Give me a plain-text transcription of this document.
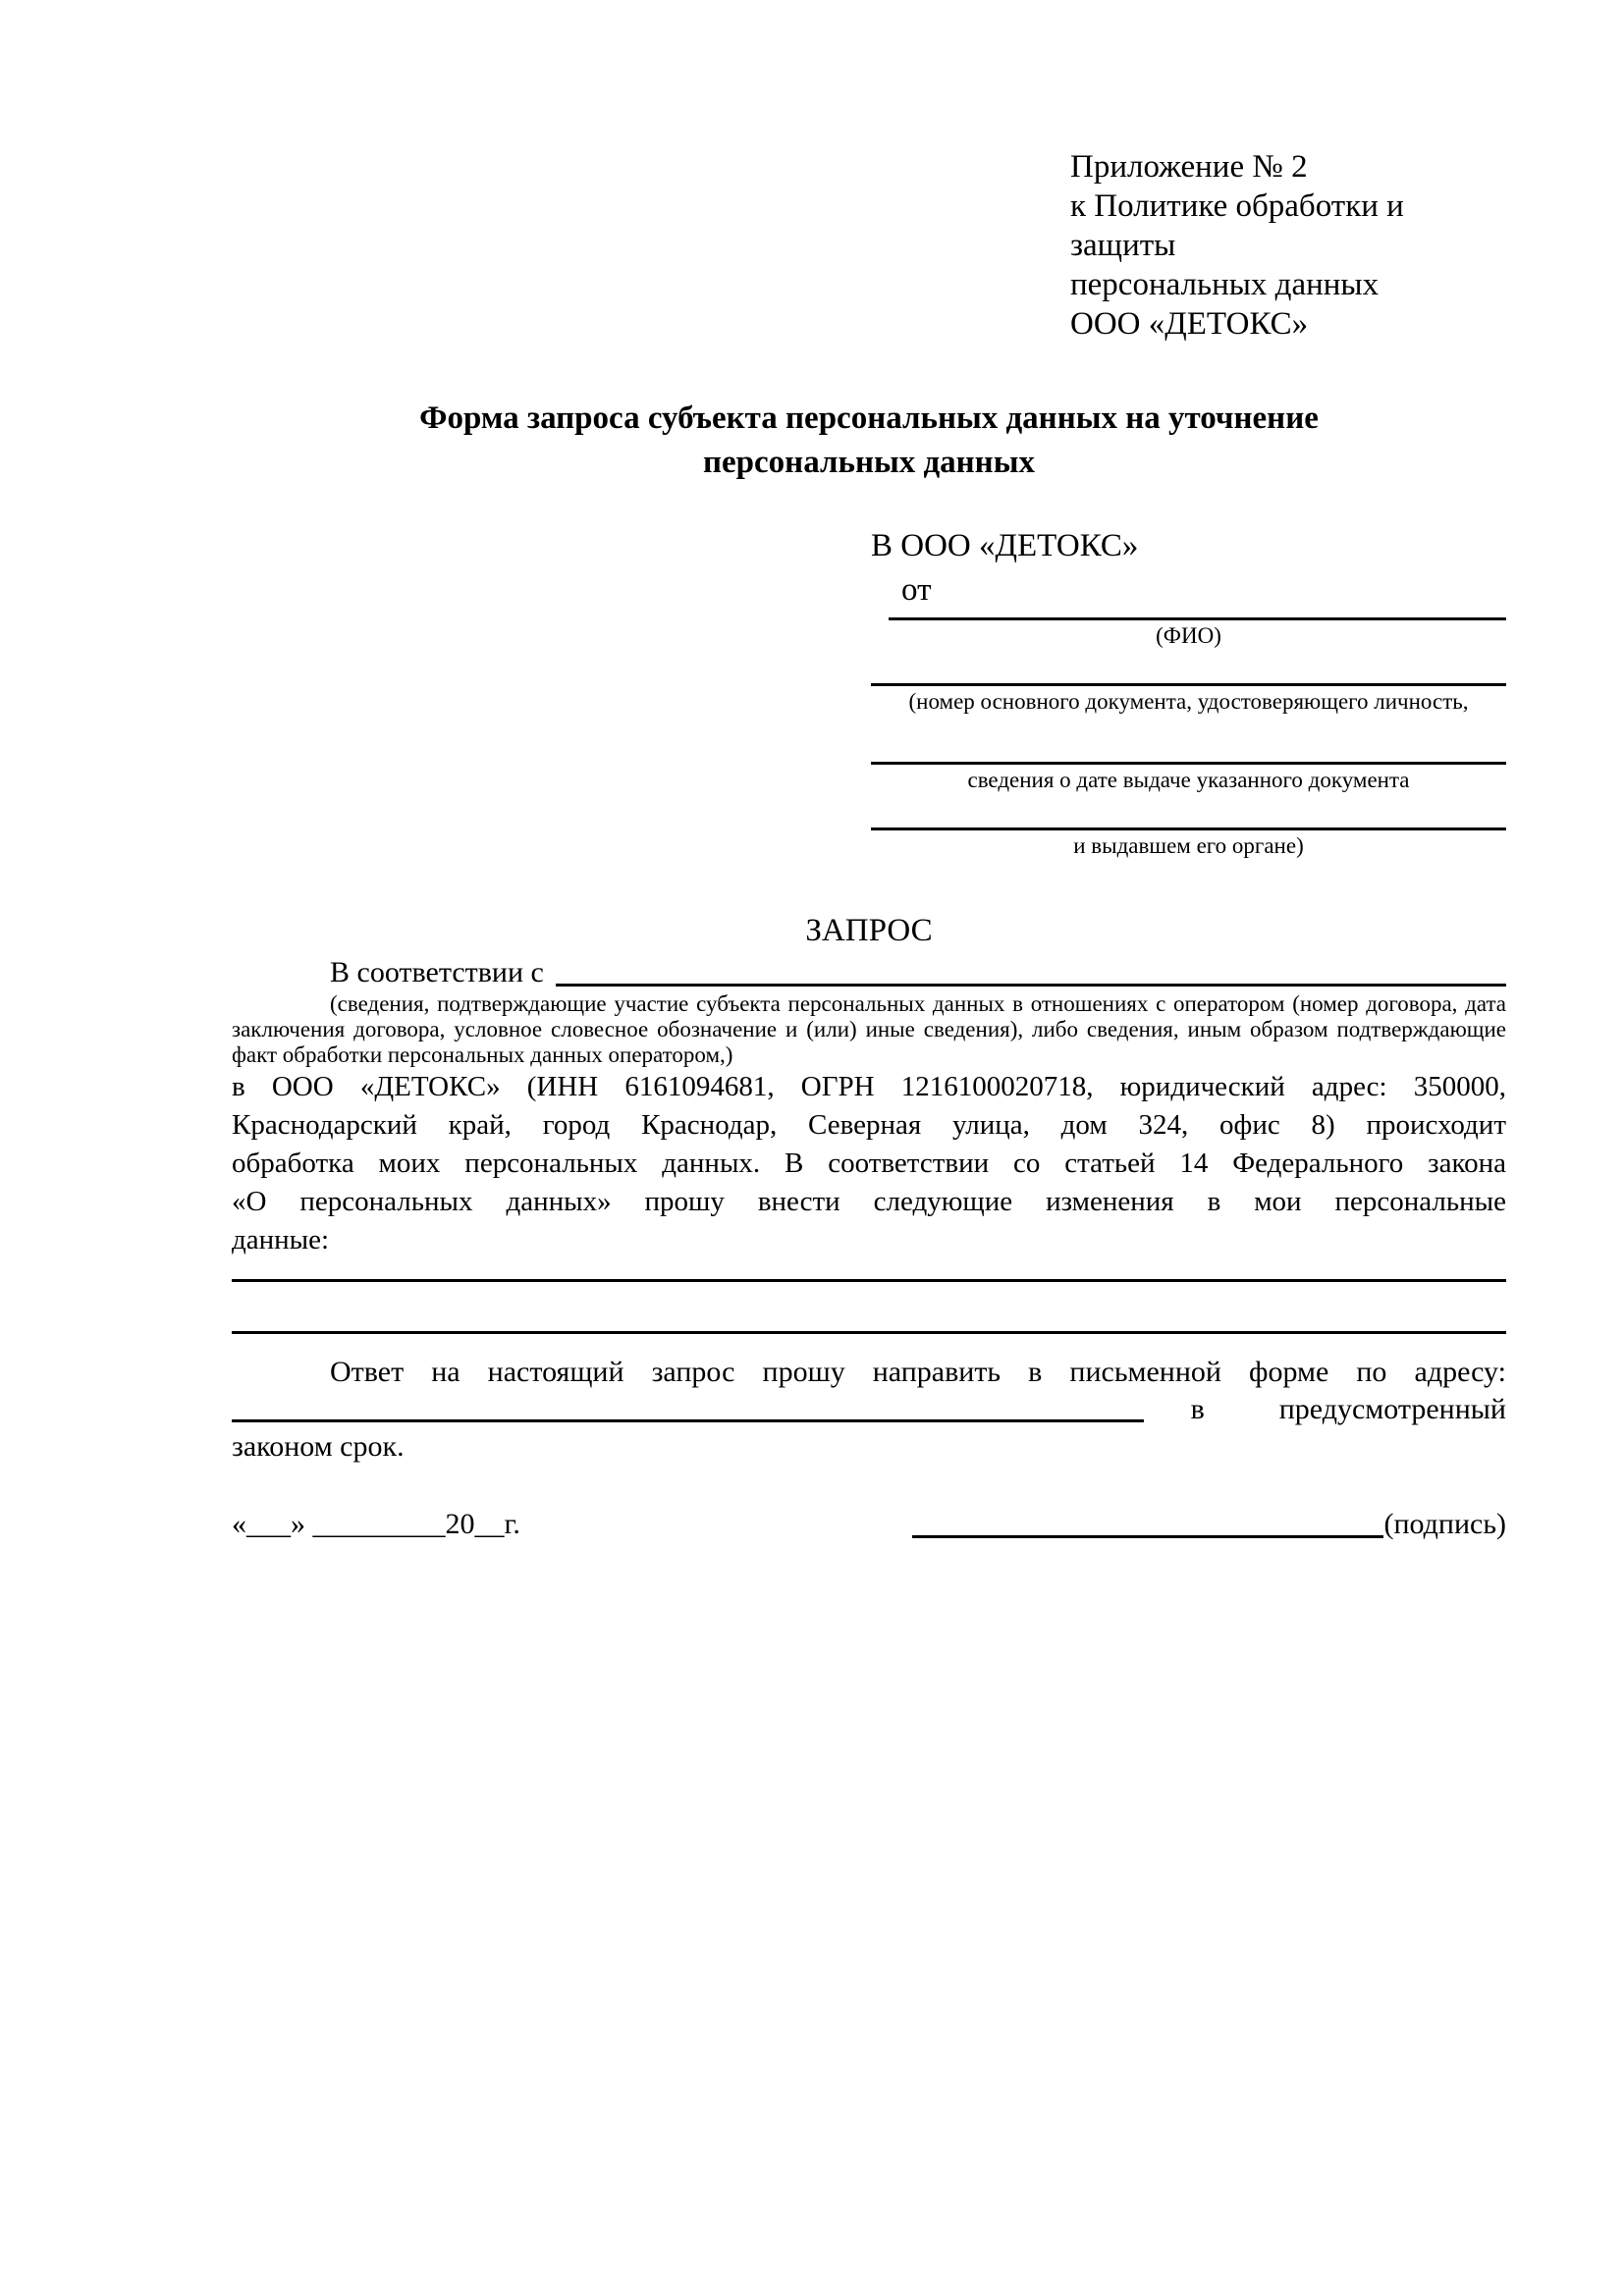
Приложение № 2
к Политике обработки и защиты
персональных данных
ООО «ДЕТОКС»
Форма запроса субъекта персональных данных на уточнение
персональных данных
В ООО «ДЕТОКС»
от
(ФИО)
(номер основного документа, удостоверяющего личность,
сведения о дате выдаче указанного документа
и выдавшем его органе)
ЗАПРОС
В соответствии с
(сведения, подтверждающие участие субъекта персональных данных в отношениях с оператором (номер договора, дата заключения договора, условное словесное обозначение и (или) иные сведения), либо сведения, иным образом подтверждающие факт обработки персональных данных оператором,)
в ООО «ДЕТОКС» (ИНН 6161094681, ОГРН 1216100020718, юридический адрес: 350000,
Краснодарский край, город Краснодар, Северная улица, дом 324, офис 8) происходит
обработка моих персональных данных. В соответствии со статьей 14 Федерального закона
«О персональных данных» прошу внести следующие изменения в мои персональные
данные:
Ответ на настоящий запрос прошу направить в письменной форме по адресу:
в	предусмотренный
законом срок.
«___» _________20__г.	(подпись)
